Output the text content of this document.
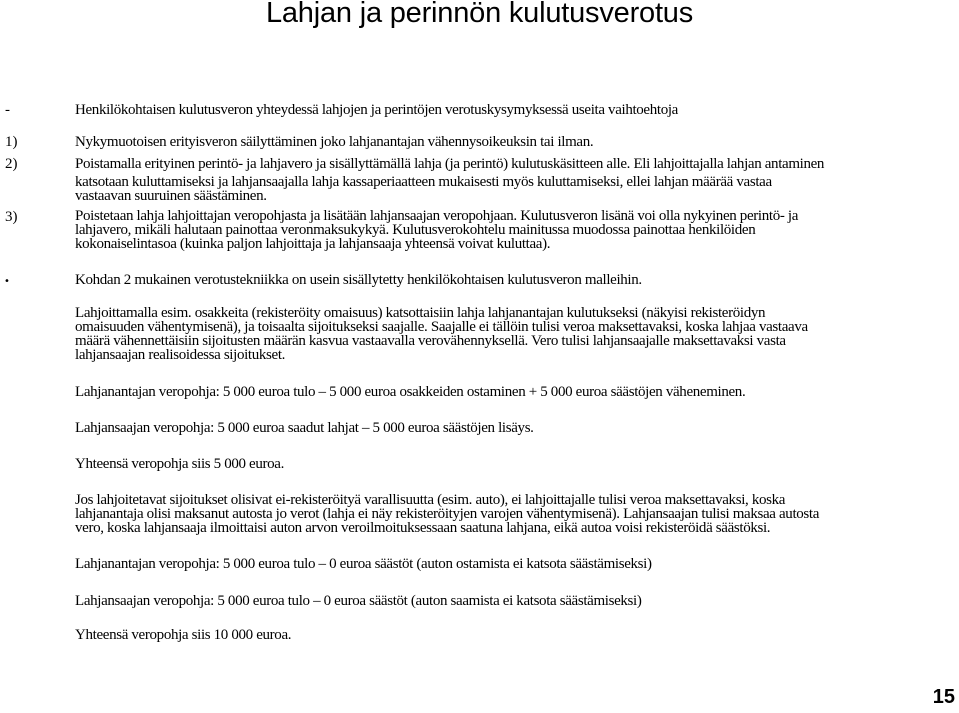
Lahjan ja perinnön kulutusverotus
-	Henkilökohtaisen kulutusveron yhteydessä lahjojen ja perintöjen verotuskysymyksessä useita vaihtoehtoja
1)	Nykymuotoisen erityisveron säilyttäminen joko lahjanantajan vähennysoikeuksin tai ilman.
2)	Poistamalla erityinen perintö- ja lahjavero ja sisällyttämällä lahja (ja perintö) kulutuskäsitteen alle. Eli lahjoittajalla lahjan antaminen
katsotaan kuluttamiseksi ja lahjansaajalla lahja kassaperiaatteen mukaisesti myös kuluttamiseksi, ellei lahjan määrää vastaa
vastaavan suuruinen säästäminen.
3)	Poistetaan lahja lahjoittajan veropohjasta ja lisätään lahjansaajan veropohjaan. Kulutusveron lisänä voi olla nykyinen perintö- ja
lahjavero, mikäli halutaan painottaa veronmaksukykyä. Kulutusverokohtelu mainitussa muodossa painottaa henkilöiden
kokonaiselintasoa (kuinka paljon lahjoittaja ja lahjansaaja yhteensä voivat kuluttaa).
•	Kohdan 2 mukainen verotustekniikka on usein sisällytetty henkilökohtaisen kulutusveron malleihin.
Lahjoittamalla esim. osakkeita (rekisteröity omaisuus) katsottaisiin lahja lahjanantajan kulutukseksi (näkyisi rekisteröidyn
omaisuuden vähentymisenä), ja toisaalta sijoitukseksi saajalle. Saajalle ei tällöin tulisi veroa maksettavaksi, koska lahjaa vastaava
määrä vähennettäisiin sijoitusten määrän kasvua vastaavalla verovähennyksellä. Vero tulisi lahjansaajalle maksettavaksi vasta
lahjansaajan realisoidessa sijoitukset.
Lahjanantajan veropohja: 5 000 euroa tulo – 5 000 euroa osakkeiden ostaminen + 5 000 euroa säästöjen väheneminen.
Lahjansaajan veropohja: 5 000 euroa saadut lahjat – 5 000 euroa säästöjen lisäys.
Yhteensä veropohja siis 5 000 euroa.
Jos lahjoitetavat sijoitukset olisivat ei-rekisteröityä varallisuutta (esim. auto), ei lahjoittajalle tulisi veroa maksettavaksi, koska
lahjanantaja olisi maksanut autosta jo verot (lahja ei näy rekisteröityjen varojen vähentymisenä). Lahjansaajan tulisi maksaa autosta
vero, koska lahjansaaja ilmoittaisi auton arvon veroilmoituksessaan saatuna lahjana, eikä autoa voisi rekisteröidä säästöksi.
Lahjanantajan veropohja: 5 000 euroa tulo – 0 euroa säästöt (auton ostamista ei katsota säästämiseksi)
Lahjansaajan veropohja: 5 000 euroa tulo – 0 euroa säästöt (auton saamista ei katsota säästämiseksi)
Yhteensä veropohja siis 10 000 euroa.
15
